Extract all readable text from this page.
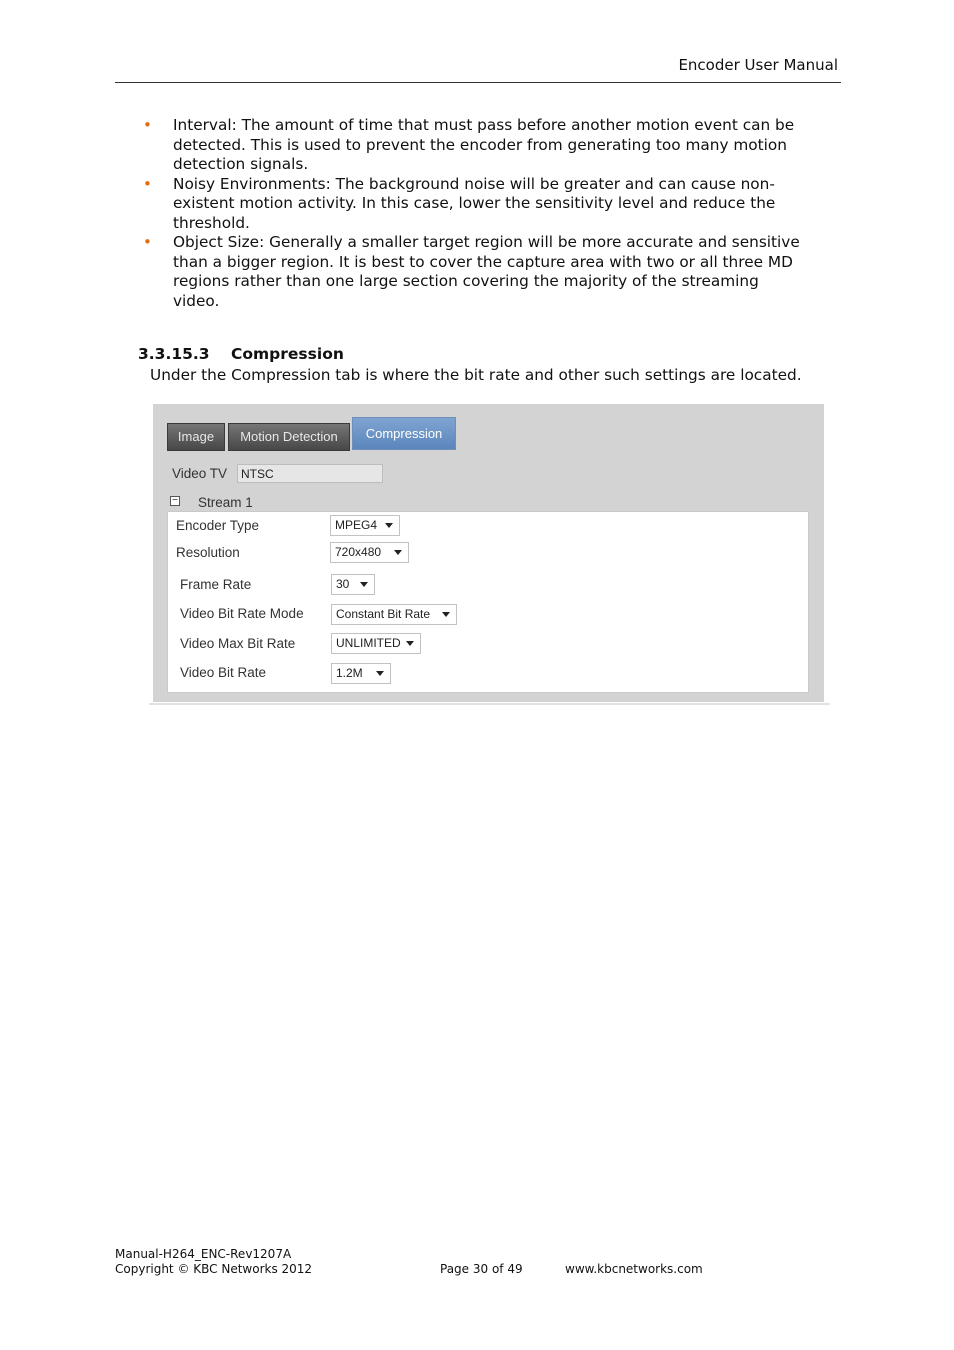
Encoder User Manual
• Interval: The amount of time that must pass before another motion event can be
detected. This is used to prevent the encoder from generating too many motion
detection signals.
• Noisy Environments: The background noise will be greater and can cause non-
existent motion activity. In this case, lower the sensitivity level and reduce the
threshold.
• Object Size: Generally a smaller target region will be more accurate and sensitive
than a bigger region. It is best to cover the capture area with two or all three MD
regions rather than one large section covering the majority of the streaming
video.
3.3.15.3 Compression
Under the Compression tab is where the bit rate and other such settings are located.
Image	Motion Detection	Compression
Video TV	NTSC
− Stream 1
Encoder Type	MPEG4
Resolution	720x480
Frame Rate	30
Video Bit Rate Mode	Constant Bit Rate
Video Max Bit Rate	UNLIMITED
Video Bit Rate	1.2M
Manual-H264_ENC-Rev1207A
Copyright © KBC Networks 2012	Page 30 of 49	www.kbcnetworks.com
